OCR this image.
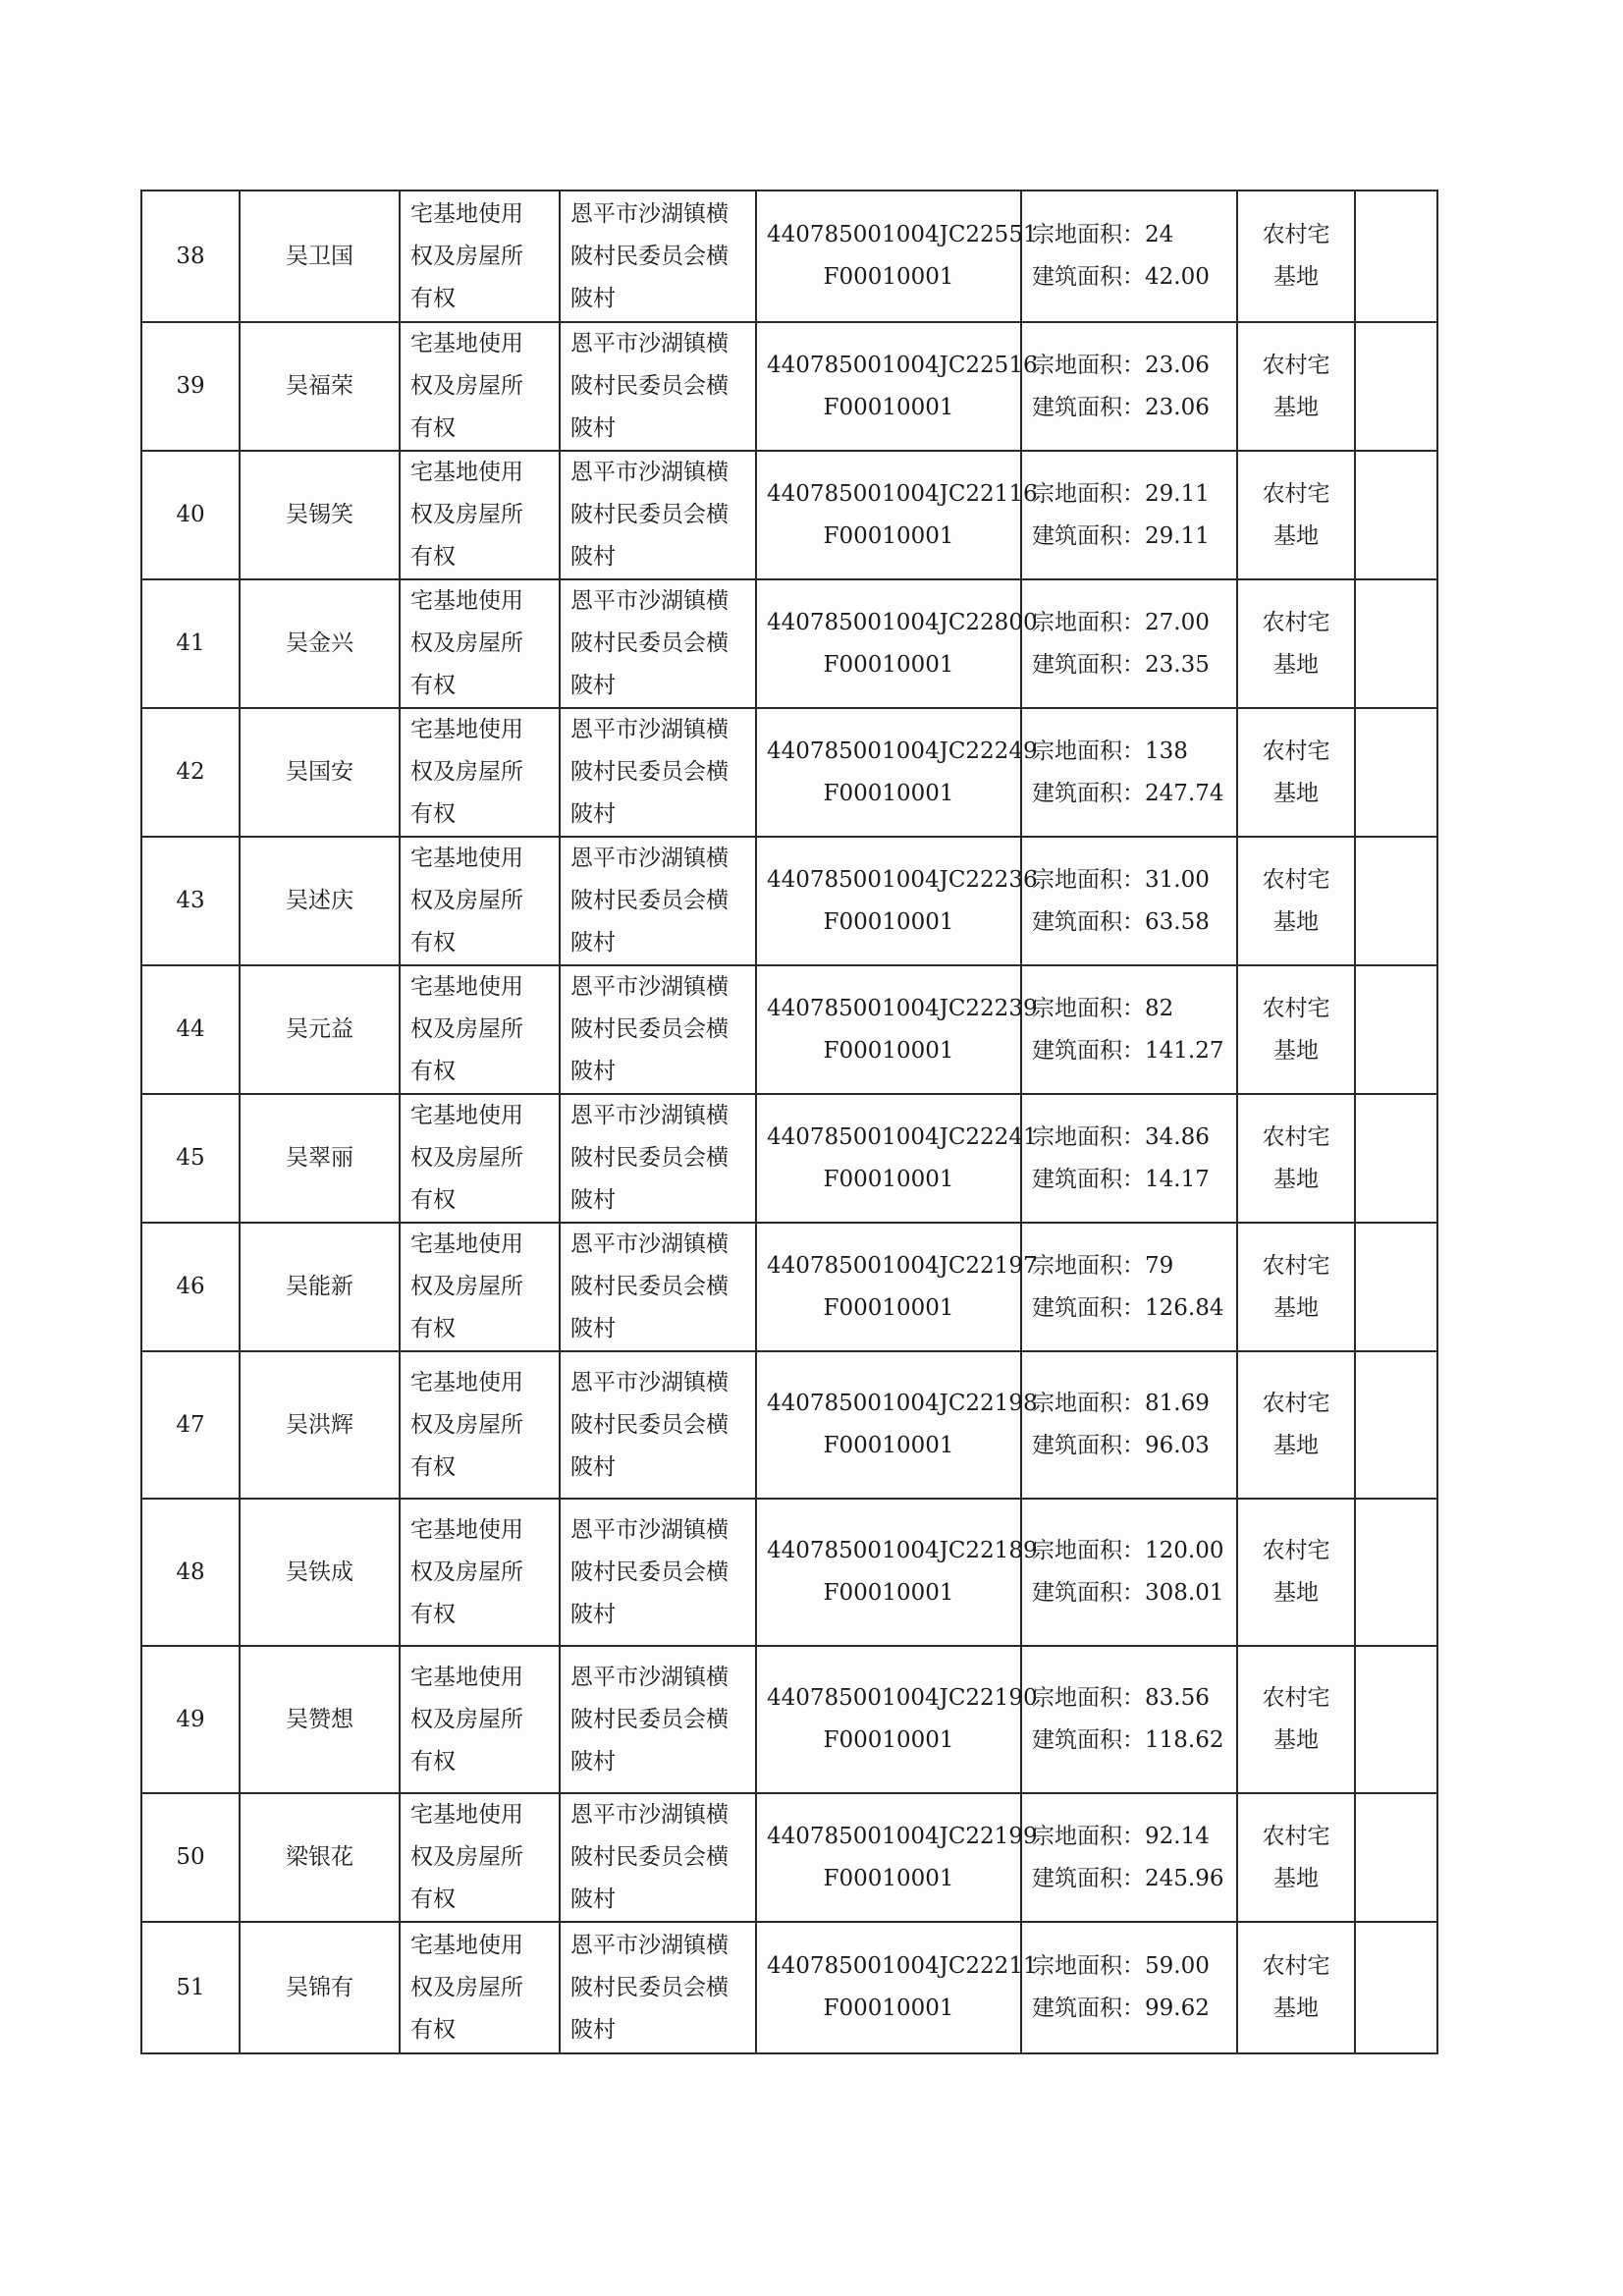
38	吴卫国	宅基地使用
权及房屋所
有权	恩平市沙湖镇横
陂村民委员会横
陂村	440785001004JC22551
F00010001	宗地面积：24
建筑面积：42.00	农村宅
基地	

39	吴福荣	宅基地使用
权及房屋所
有权	恩平市沙湖镇横
陂村民委员会横
陂村	440785001004JC22516
F00010001	宗地面积：23.06
建筑面积：23.06	农村宅
基地	

40	吴锡笑	宅基地使用
权及房屋所
有权	恩平市沙湖镇横
陂村民委员会横
陂村	440785001004JC22116
F00010001	宗地面积：29.11
建筑面积：29.11	农村宅
基地	

41	吴金兴	宅基地使用
权及房屋所
有权	恩平市沙湖镇横
陂村民委员会横
陂村	440785001004JC22800
F00010001	宗地面积：27.00
建筑面积：23.35	农村宅
基地	

42	吴国安	宅基地使用
权及房屋所
有权	恩平市沙湖镇横
陂村民委员会横
陂村	440785001004JC22249
F00010001	宗地面积：138
建筑面积：247.74	农村宅
基地	

43	吴述庆	宅基地使用
权及房屋所
有权	恩平市沙湖镇横
陂村民委员会横
陂村	440785001004JC22236
F00010001	宗地面积：31.00
建筑面积：63.58	农村宅
基地	

44	吴元益	宅基地使用
权及房屋所
有权	恩平市沙湖镇横
陂村民委员会横
陂村	440785001004JC22239
F00010001	宗地面积：82
建筑面积：141.27	农村宅
基地	

45	吴翠丽	宅基地使用
权及房屋所
有权	恩平市沙湖镇横
陂村民委员会横
陂村	440785001004JC22241
F00010001	宗地面积：34.86
建筑面积：14.17	农村宅
基地	

46	吴能新	宅基地使用
权及房屋所
有权	恩平市沙湖镇横
陂村民委员会横
陂村	440785001004JC22197
F00010001	宗地面积：79
建筑面积：126.84	农村宅
基地	

47	吴洪辉	宅基地使用
权及房屋所
有权	恩平市沙湖镇横
陂村民委员会横
陂村	440785001004JC22198
F00010001	宗地面积：81.69
建筑面积：96.03	农村宅
基地	

48	吴铁成	宅基地使用
权及房屋所
有权	恩平市沙湖镇横
陂村民委员会横
陂村	440785001004JC22189
F00010001	宗地面积：120.00
建筑面积：308.01	农村宅
基地	

49	吴赞想	宅基地使用
权及房屋所
有权	恩平市沙湖镇横
陂村民委员会横
陂村	440785001004JC22190
F00010001	宗地面积：83.56
建筑面积：118.62	农村宅
基地	

50	梁银花	宅基地使用
权及房屋所
有权	恩平市沙湖镇横
陂村民委员会横
陂村	440785001004JC22199
F00010001	宗地面积：92.14
建筑面积：245.96	农村宅
基地	

51	吴锦有	宅基地使用
权及房屋所
有权	恩平市沙湖镇横
陂村民委员会横
陂村	440785001004JC22211
F00010001	宗地面积：59.00
建筑面积：99.62	农村宅
基地	
